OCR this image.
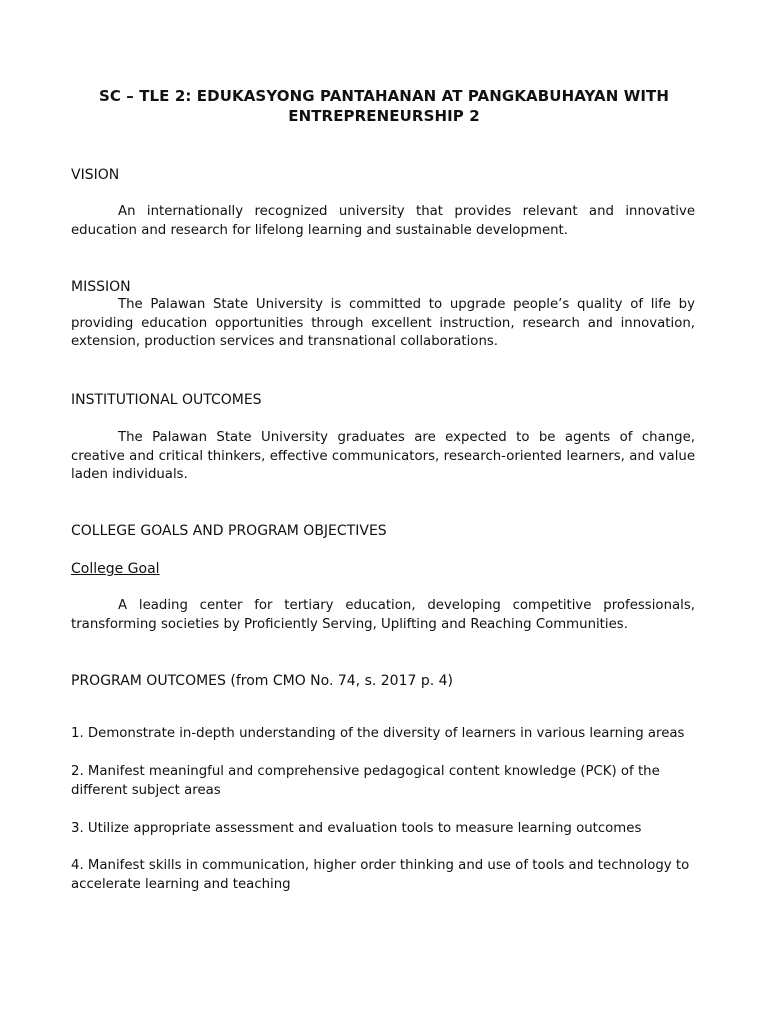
SC – TLE 2: EDUKASYONG PANTAHANAN AT PANGKABUHAYAN WITH
ENTREPRENEURSHIP 2
VISION
An internationally recognized university that provides relevant and innovative education and research for lifelong learning and sustainable development.
MISSION
The Palawan State University is committed to upgrade people’s quality of life by providing education opportunities through excellent instruction, research and innovation, extension, production services and transnational collaborations.
INSTITUTIONAL OUTCOMES
The Palawan State University graduates are expected to be agents of change, creative and critical thinkers, effective communicators, research-oriented learners, and value laden individuals.
COLLEGE GOALS AND PROGRAM OBJECTIVES
College Goal
A leading center for tertiary education, developing competitive professionals, transforming societies by Proficiently Serving, Uplifting and Reaching Communities.
PROGRAM OUTCOMES (from CMO No. 74, s. 2017 p. 4)
1. Demonstrate in-depth understanding of the diversity of learners in various learning areas
2. Manifest meaningful and comprehensive pedagogical content knowledge (PCK) of the different subject areas
3. Utilize appropriate assessment and evaluation tools to measure learning outcomes
4. Manifest skills in communication, higher order thinking and use of tools and technology to accelerate learning and teaching
